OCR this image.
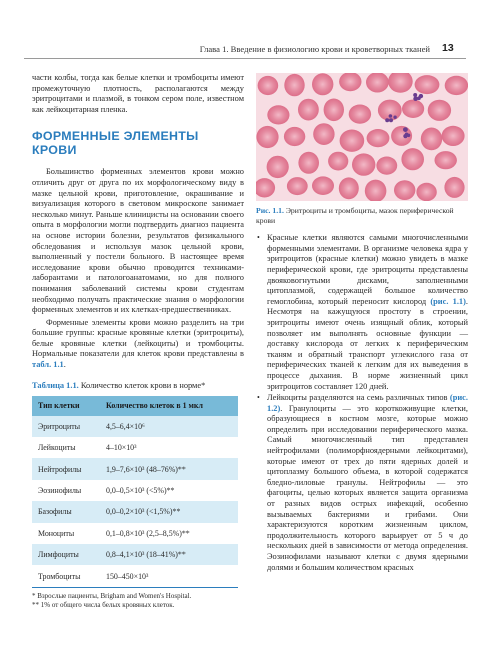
Глава 1. Введение в физиологию крови и кроветворных тканей 13

части колбы, тогда как белые клетки и тромбоциты имеют промежуточную плотность, располагаются между эритроцитами и плазмой, в тонком сером поле, известном как лейкоцитарная пленка.

ФОРМЕННЫЕ ЭЛЕМЕНТЫ КРОВИ

Большинство форменных элементов крови можно отличить друг от друга по их морфологическому виду в мазке цельной крови, приготовление, окрашивание и визуализация которого в световом микроскопе занимает несколько минут. Раньше клиницисты на основании своего опыта в морфологии могли подтвердить диагноз пациента на основе истории болезни, результатов физикального обследования и используя мазок цельной крови, выполненный у постели больного. В настоящее время исследование крови обычно проводится техниками-лаборантами и патологоанатомами, но для полного понимания заболеваний системы крови студентам необходимо получать практические знания о морфологии форменных элементов и их клетках-предшественниках.

Форменные элементы крови можно разделить на три большие группы: красные кровяные клетки (эритроциты), белые кровяные клетки (лейкоциты) и тромбоциты. Нормальные показатели для клеток крови представлены в табл. 1.1.

Таблица 1.1. Количество клеток крови в норме*
Тип клетки	Количество клеток в 1 мкл
Эритроциты	4,5–6,4×10⁶
Лейкоциты	4–10×10³
Нейтрофилы	1,9–7,6×10³ (48–76%)**
Эозинофилы	0,0–0,5×10³ (<5%)**
Базофилы	0,0–0,2×10³ (<1,5%)**
Моноциты	0,1–0,8×10³ (2,5–8,5%)**
Лимфоциты	0,8–4,1×10³ (18–41%)**
Тромбоциты	150–450×10³
* Взрослые пациенты, Brigham and Women's Hospital.
** 1% от общего числа белых кровяных клеток.
Рис. 1.1. Эритроциты и тромбоциты, мазок периферической крови
• Красные клетки являются самыми многочисленными форменными элементами. В организме человека ядра у эритроцитов (красные клетки) можно увидеть в мазке периферической крови, где эритроциты представлены двояковогнутыми дисками, заполненными цитоплазмой, содержащей большое количество гемоглобина, который переносит кислород (рис. 1.1). Несмотря на кажущуюся простоту в строении, эритроциты имеют очень изящный облик, который позволяет им выполнять основные функции — доставку кислорода от легких к периферическим тканям и обратный транспорт углекислого газа от периферических тканей к легким для их выведения в процессе дыхания. В норме жизненный цикл эритроцитов составляет 120 дней.
• Лейкоциты разделяются на семь различных типов (рис. 1.2). Гранулоциты — это короткоживущие клетки, образующиеся в костном мозге, которые можно определить при исследовании периферического мазка. Самый многочисленный тип представлен нейтрофилами (полиморфноядерными лейкоцитами), которые имеют от трех до пяти ядерных долей и цитоплазму большого объема, в которой содержатся бледно-лиловые гранулы. Нейтрофилы — это фагоциты, целью которых является защита организма от разных видов острых инфекций, особенно вызываемых бактериями и грибами. Они характеризуются коротким жизненным циклом, продолжительность которого варьирует от 5 ч до нескольких дней в зависимости от метода определения. Эозинофилами называют клетки с двумя ядерными долями и большим количеством красных
